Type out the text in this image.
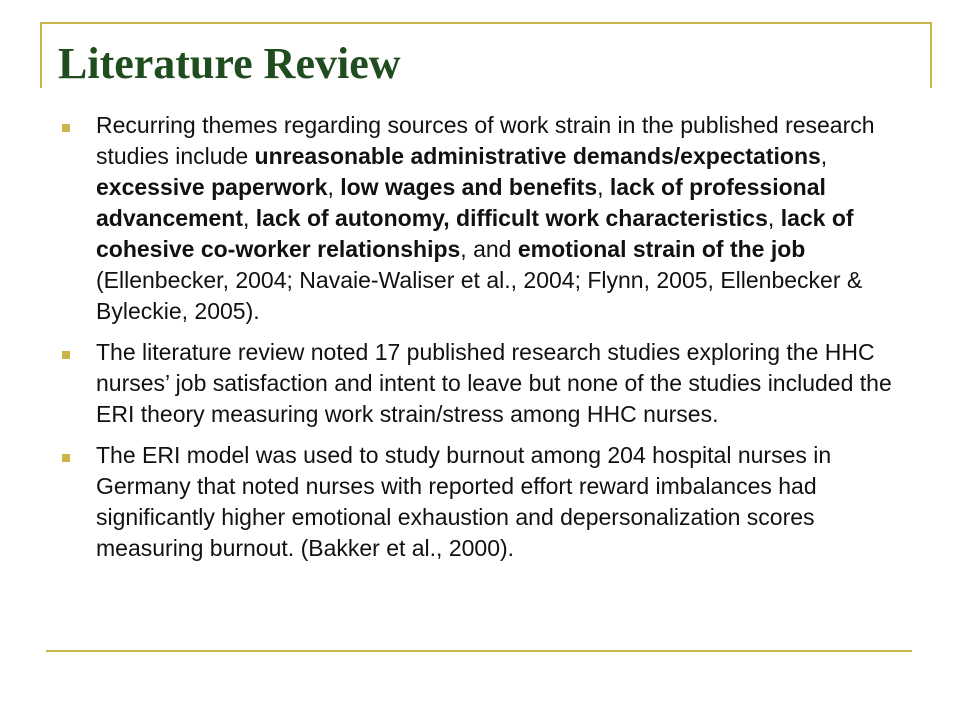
Literature Review
Recurring themes regarding sources of work strain in the published research studies include unreasonable administrative demands/expectations, excessive paperwork, low wages and benefits, lack of professional advancement, lack of autonomy, difficult work characteristics, lack of cohesive co-worker relationships, and emotional strain of the job (Ellenbecker, 2004; Navaie-Waliser et al., 2004; Flynn, 2005, Ellenbecker & Byleckie, 2005).
The literature review noted 17 published research studies exploring the HHC nurses’ job satisfaction and intent to leave but none of the studies included the ERI theory measuring work strain/stress among HHC nurses.
The ERI model was used to study burnout among 204 hospital nurses in Germany that noted nurses with reported effort reward imbalances had significantly higher emotional exhaustion and depersonalization scores measuring burnout. (Bakker et al., 2000).
